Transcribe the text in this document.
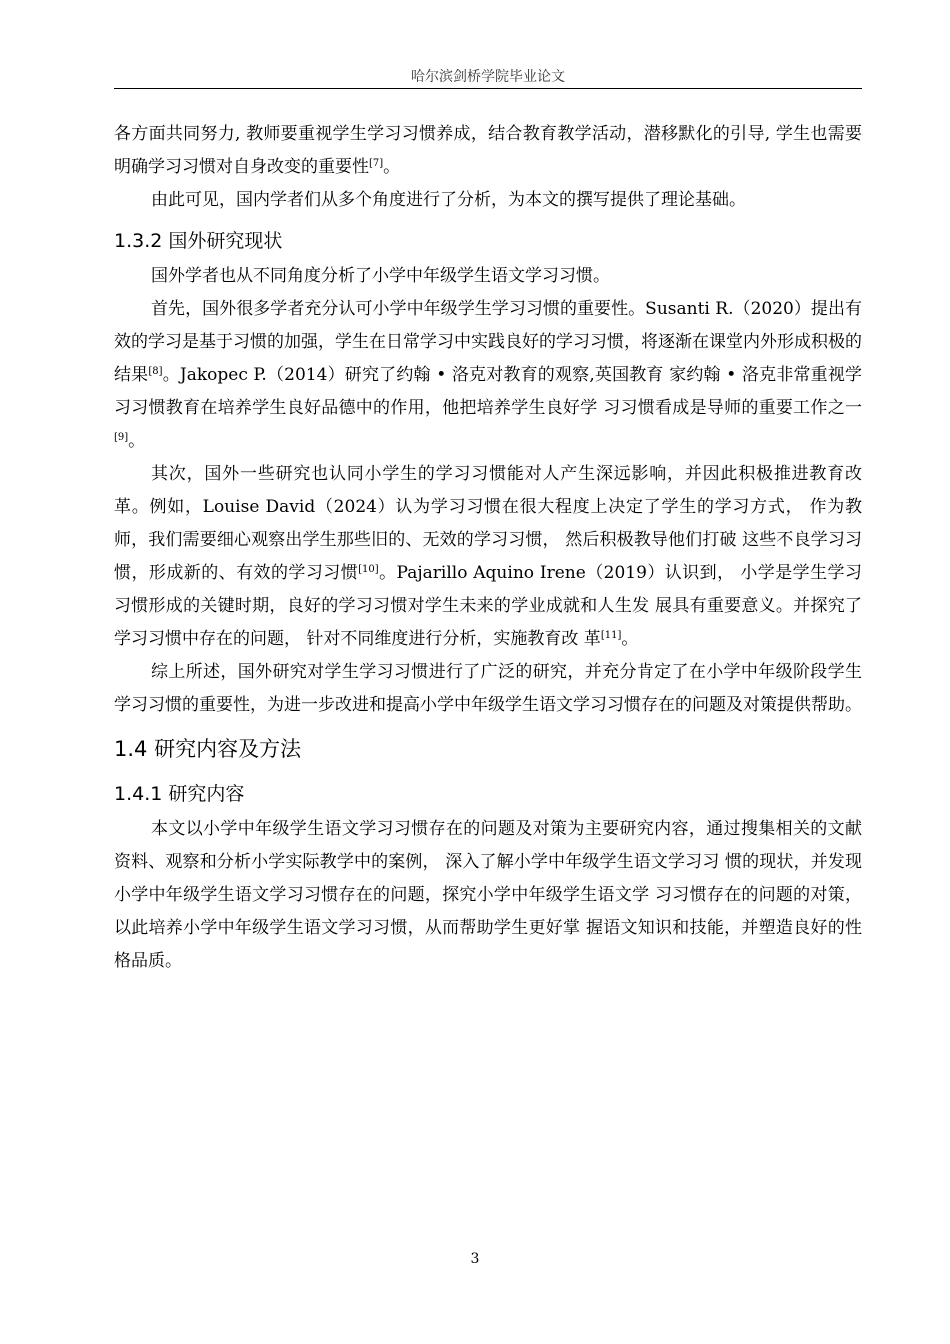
哈尔滨剑桥学院毕业论文

各方面共同努力, 教师要重视学生学习习惯养成，结合教育教学活动，潜移默化的引导, 学生也需要明确学习习惯对自身改变的重要性[7]。

由此可见，国内学者们从多个角度进行了分析，为本文的撰写提供了理论基础。

1.3.2 国外研究现状

国外学者也从不同角度分析了小学中年级学生语文学习习惯。

首先，国外很多学者充分认可小学中年级学生学习习惯的重要性。Susanti R.（2020）提出有效的学习是基于习惯的加强，学生在日常学习中实践良好的学习习惯，将逐渐在课堂内外形成积极的结果[8]。Jakopec P.（2014）研究了约翰 • 洛克对教育的观察,英国教育 家约翰 • 洛克非常重视学习习惯教育在培养学生良好品德中的作用，他把培养学生良好学 习习惯看成是导师的重要工作之一[9]。

其次，国外一些研究也认同小学生的学习习惯能对人产生深远影响，并因此积极推进教育改革。例如，Louise David（2024）认为学习习惯在很大程度上决定了学生的学习方式， 作为教师，我们需要细心观察出学生那些旧的、无效的学习习惯， 然后积极教导他们打破 这些不良学习习惯，形成新的、有效的学习习惯[10]。Pajarillo Aquino Irene（2019）认识到， 小学是学生学习习惯形成的关键时期，良好的学习习惯对学生未来的学业成就和人生发 展具有重要意义。并探究了学习习惯中存在的问题， 针对不同维度进行分析，实施教育改 革[11]。

综上所述，国外研究对学生学习习惯进行了广泛的研究，并充分肯定了在小学中年级阶段学生学习习惯的重要性，为进一步改进和提高小学中年级学生语文学习习惯存在的问题及对策提供帮助。

1.4 研究内容及方法
1.4.1 研究内容

本文以小学中年级学生语文学习习惯存在的问题及对策为主要研究内容，通过搜集相关的文献资料、观察和分析小学实际教学中的案例， 深入了解小学中年级学生语文学习习 惯的现状，并发现小学中年级学生语文学习习惯存在的问题，探究小学中年级学生语文学 习习惯存在的问题的对策，以此培养小学中年级学生语文学习习惯，从而帮助学生更好掌 握语文知识和技能，并塑造良好的性格品质。

3
